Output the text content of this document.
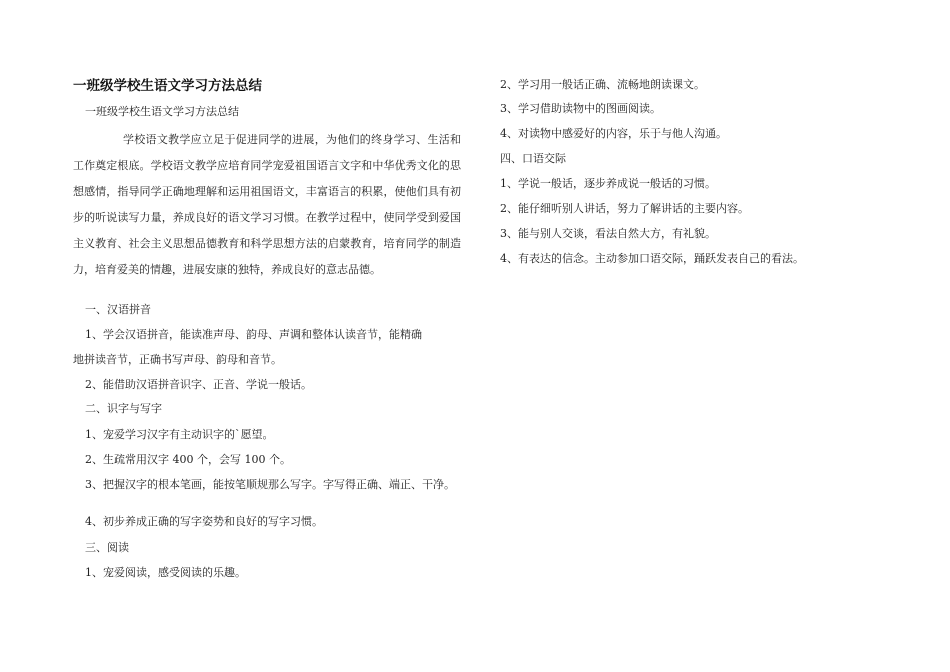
一班级学校生语文学习方法总结

一班级学校生语文学习方法总结

学校语文教学应立足于促进同学的进展，为他们的终身学习、生活和工作奠定根底。学校语文教学应培育同学宠爱祖国语言文字和中华优秀文化的思想感情，指导同学正确地理解和运用祖国语文，丰富语言的积累，使他们具有初步的听说读写力量，养成良好的语文学习习惯。在教学过程中，使同学受到爱国主义教育、社会主义思想品德教育和科学思想方法的启蒙教育，培育同学的制造力，培育爱美的情趣，进展安康的独特，养成良好的意志品德。

一、汉语拼音

1、学会汉语拼音，能读准声母、韵母、声调和整体认读音节，能精确

地拼读音节，正确书写声母、韵母和音节。

2、能借助汉语拼音识字、正音、学说一般话。

二、识字与写字

1、宠爱学习汉字有主动识字的`愿望。

2、生疏常用汉字 400 个，会写 100 个。

3、把握汉字的根本笔画，能按笔顺规那么写字。字写得正确、端正、干净。

4、初步养成正确的写字姿势和良好的写字习惯。

三、阅读

1、宠爱阅读，感受阅读的乐趣。

2、学习用一般话正确、流畅地朗读课文。

3、学习借助读物中的图画阅读。

4、对读物中感爱好的内容，乐于与他人沟通。

四、口语交际

1、学说一般话，逐步养成说一般话的习惯。

2、能仔细听别人讲话，努力了解讲话的主要内容。

3、能与别人交谈，看法自然大方，有礼貌。

4、有表达的信念。主动参加口语交际，踊跃发表自己的看法。
